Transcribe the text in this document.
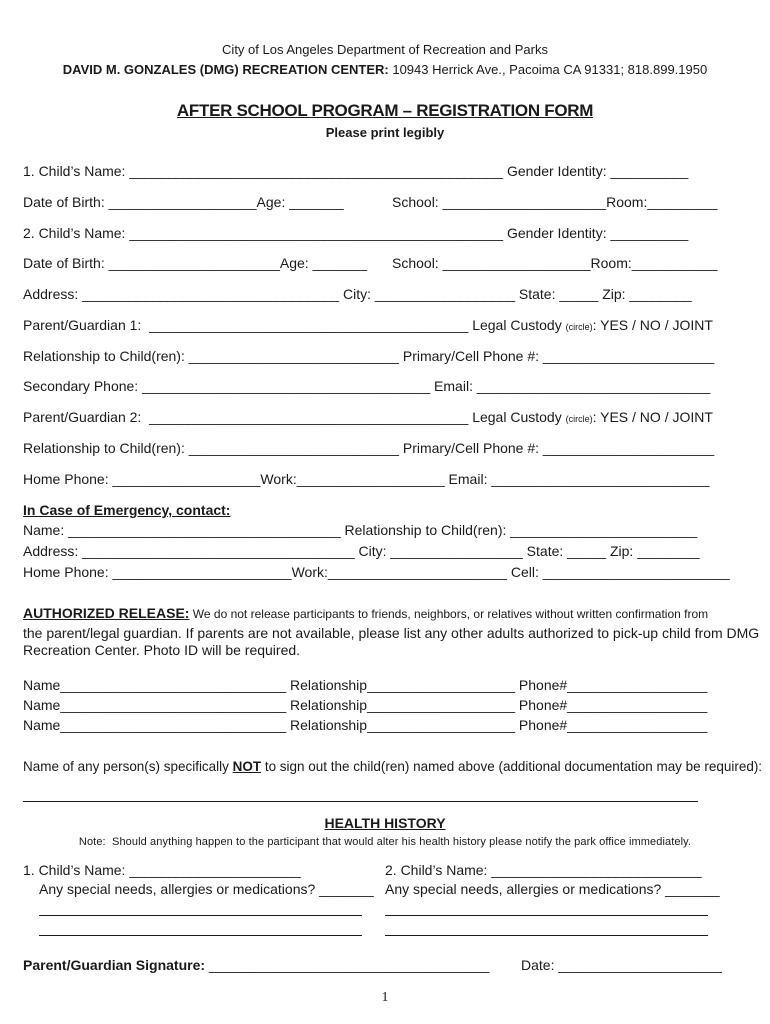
City of Los Angeles Department of Recreation and Parks
DAVID M. GONZALES (DMG) RECREATION CENTER: 10943 Herrick Ave., Pacoima CA 91331; 818.899.1950
AFTER SCHOOL PROGRAM – REGISTRATION FORM
Please print legibly
1. Child’s Name: ________________________________________________ Gender Identity: __________
Date of Birth: ___________________Age: _______	School: _____________________Room:_________
2. Child’s Name: ________________________________________________ Gender Identity: __________
Date of Birth: ______________________Age: _______ School: ___________________Room:___________
Address: _________________________________ City: __________________ State: _____ Zip: ________
Parent/Guardian 1:  _________________________________________ Legal Custody (circle): YES / NO / JOINT
Relationship to Child(ren): ___________________________ Primary/Cell Phone #: ______________________
Secondary Phone: _____________________________________ Email: ______________________________
Parent/Guardian 2:  _________________________________________ Legal Custody (circle): YES / NO / JOINT
Relationship to Child(ren): ___________________________ Primary/Cell Phone #: ______________________
Home Phone: ___________________Work:___________________ Email: ____________________________
In Case of Emergency, contact:
Name: ___________________________________ Relationship to Child(ren): ________________________
Address: ___________________________________ City: _________________ State: _____ Zip: ________
Home Phone: _______________________Work:_______________________ Cell: ________________________
AUTHORIZED RELEASE: We do not release participants to friends, neighbors, or relatives without written confirmation from
the parent/legal guardian. If parents are not available, please list any other adults authorized to pick-up child from DMG
Recreation Center. Photo ID will be required.
Name_____________________________ Relationship___________________ Phone#__________________
Name_____________________________ Relationship___________________ Phone#__________________
Name_____________________________ Relationship___________________ Phone#__________________
Name of any person(s) specifically NOT to sign out the child(ren) named above (additional documentation may be required):
HEALTH HISTORY
Note:  Should anything happen to the participant that would alter his health history please notify the park office immediately.
1. Child’s Name: ______________________
Any special needs, allergies or medications? _______
2. Child’s Name: ___________________________
Any special needs, allergies or medications? _______
Parent/Guardian Signature: ____________________________________ Date: _____________________
1
